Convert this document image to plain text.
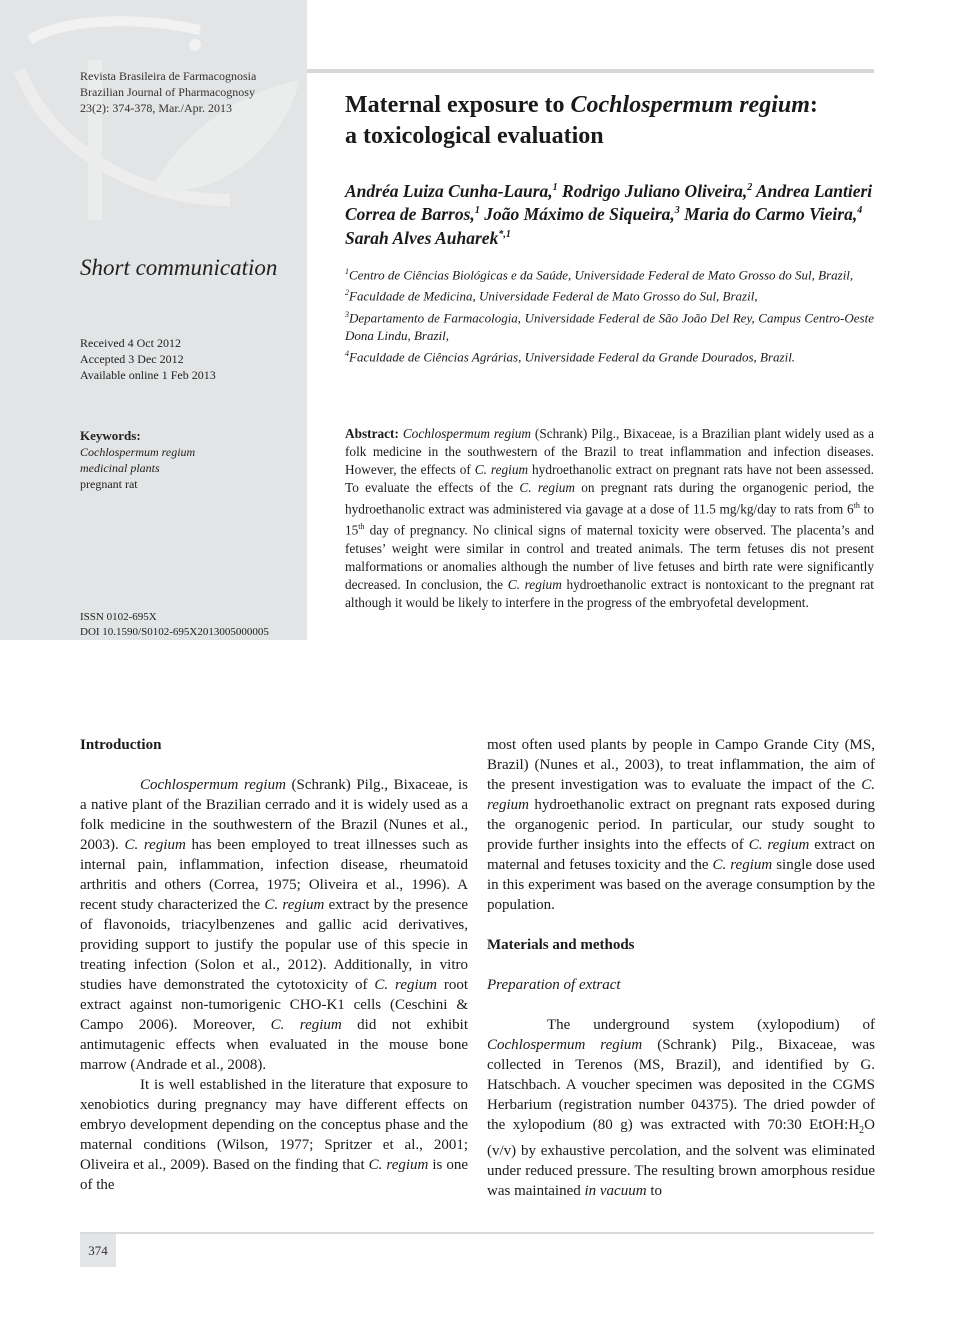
Revista Brasileira de Farmacognosia
Brazilian Journal of Pharmacognosy
23(2): 374-378, Mar./Apr. 2013
Short communication
Received 4 Oct 2012
Accepted 3 Dec 2012
Available online 1 Feb 2013
Keywords:
Cochlospermum regium
medicinal plants
pregnant rat
ISSN 0102-695X
DOI 10.1590/S0102-695X2013005000005
Maternal exposure to Cochlospermum regium:
a toxicological evaluation
Andréa Luiza Cunha-Laura,$^1$ Rodrigo Juliano Oliveira,$^2$ Andrea Lantieri Correa de Barros,$^1$ João Máximo de Siqueira,$^3$ Maria do Carmo Vieira,$^4$ Sarah Alves Auharek$^{*,1}$
$^1$Centro de Ciências Biológicas e da Saúde, Universidade Federal de Mato Grosso do Sul, Brazil,
$^2$Faculdade de Medicina, Universidade Federal de Mato Grosso do Sul, Brazil,
$^3$Departamento de Farmacologia, Universidade Federal de São João Del Rey, Campus Centro-Oeste Dona Lindu, Brazil,
$^4$Faculdade de Ciências Agrárias, Universidade Federal da Grande Dourados, Brazil.
Abstract: Cochlospermum regium (Schrank) Pilg., Bixaceae, is a Brazilian plant widely used as a folk medicine in the southwestern of the Brazil to treat inflammation and infection diseases. However, the effects of C. regium hydroethanolic extract on pregnant rats have not been assessed. To evaluate the effects of the C. regium on pregnant rats during the organogenic period, the hydroethanolic extract was administered via gavage at a dose of 11.5 mg/kg/day to rats from 6th to 15th day of pregnancy. No clinical signs of maternal toxicity were observed. The placenta’s and fetuses’ weight were similar in control and treated animals. The term fetuses dis not present malformations or anomalies although the number of live fetuses and birth rate were significantly decreased. In conclusion, the C. regium hydroethanolic extract is nontoxicant to the pregnant rat although it would be likely to interfere in the progress of the embryofetal development.

Introduction

Cochlospermum regium (Schrank) Pilg., Bixaceae, is a native plant of the Brazilian cerrado and it is widely used as a folk medicine in the southwestern of the Brazil (Nunes et al., 2003). C. regium has been employed to treat illnesses such as internal pain, inflammation, infection disease, rheumatoid arthritis and others (Correa, 1975; Oliveira et al., 1996). A recent study characterized the C. regium extract by the presence of flavonoids, triacylbenzenes and gallic acid derivatives, providing support to justify the popular use of this specie in treating infection (Solon et al., 2012). Additionally, in vitro studies have demonstrated the cytotoxicity of C. regium root extract against non-tumorigenic CHO-K1 cells (Ceschini & Campo 2006). Moreover, C. regium did not exhibit antimutagenic effects when evaluated in the mouse bone marrow (Andrade et al., 2008).

It is well established in the literature that exposure to xenobiotics during pregnancy may have different effects on embryo development depending on the conceptus phase and the maternal conditions (Wilson, 1977; Spritzer et al., 2001; Oliveira et al., 2009). Based on the finding that C. regium is one of the

most often used plants by people in Campo Grande City (MS, Brazil) (Nunes et al., 2003), to treat inflammation, the aim of the present investigation was to evaluate the impact of the C. regium hydroethanolic extract on pregnant rats exposed during the organogenic period. In particular, our study sought to provide further insights into the effects of C. regium extract on maternal and fetuses toxicity and the C. regium single dose used in this experiment was based on the average consumption by the population.

Materials and methods

Preparation of extract

The underground system (xylopodium) of Cochlospermum regium (Schrank) Pilg., Bixaceae, was collected in Terenos (MS, Brazil), and identified by G. Hatschbach. A voucher specimen was deposited in the CGMS Herbarium (registration number 04375). The dried powder of the xylopodium (80 g) was extracted with 70:30 $EtOH:H_2O$ (v/v) by exhaustive percolation, and the solvent was eliminated under reduced pressure. The resulting brown amorphous residue was maintained in vacuum to

374
